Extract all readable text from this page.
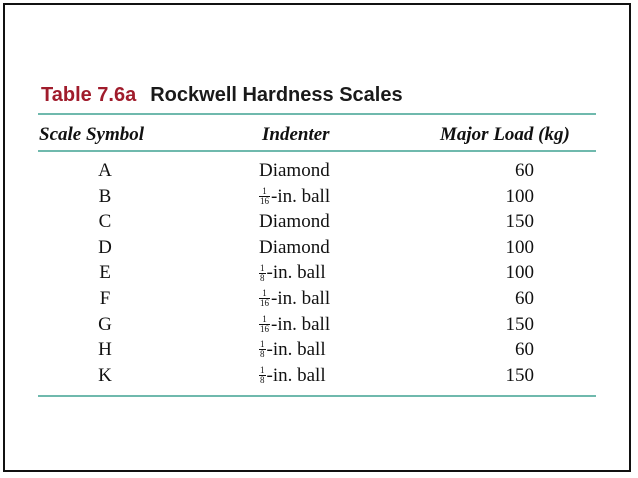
Table 7.6a Rockwell Hardness Scales
Scale Symbol	Indenter	Major Load (kg)
A	Diamond	60
B	$\frac{1}{16} -in$. ball	100
C	Diamond	150
D	Diamond	100
E	$\frac{1}{8} -in$. ball	100
F	$\frac{1}{16} -in$. ball	60
G	$\frac{1}{16} -in$. ball	150
H	$\frac{1}{8} -in$. ball	60
K	$\frac{1}{8} -in$. ball	150
